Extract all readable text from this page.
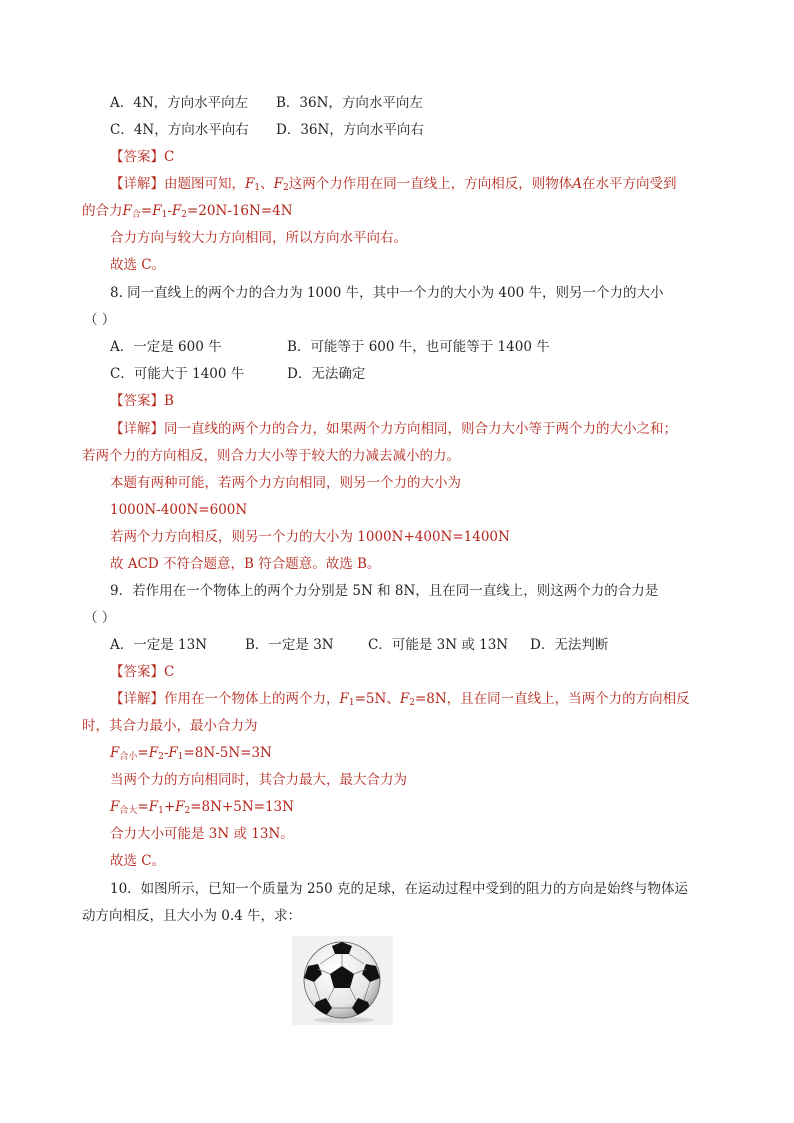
A．4N，方向水平向左 B．36N，方向水平向左
C．4N，方向水平向右 D．36N，方向水平向右
【答案】C
【详解】由题图可知，$F_1$、$F_2$这两个力作用在同一直线上，方向相反，则物体A在水平方向受到
的合力$F_合=F_1-F_2=20N-16N=4N$
合力方向与较大力方向相同，所以方向水平向右。
故选 C。
8. 同一直线上的两个力的合力为 1000 牛，其中一个力的大小为 400 牛，则另一个力的大小
（ ）
A．一定是 600 牛	B．可能等于 600 牛，也可能等于 1400 牛
C．可能大于 1400 牛	D．无法确定
【答案】B
【详解】同一直线的两个力的合力，如果两个力方向相同，则合力大小等于两个力的大小之和；
若两个力的方向相反，则合力大小等于较大的力减去减小的力。
本题有两种可能，若两个力方向相同，则另一个力的大小为
1000N-400N=600N
若两个力方向相反，则另一个力的大小为 1000N+400N=1400N
故 ACD 不符合题意，B 符合题意。故选 B。
9．若作用在一个物体上的两个力分别是 5N 和 8N，且在同一直线上，则这两个力的合力是
（ ）
A．一定是 13N	B．一定是 3N	C．可能是 3N 或 13N D．无法判断
【答案】C
【详解】作用在一个物体上的两个力，$F_1=5N$、$F_2=8N$，且在同一直线上，当两个力的方向相反
时，其合力最小，最小合力为
$F_{合小}=F_2-F_1=8N-5N=3N$
当两个力的方向相同时，其合力最大，最大合力为
$F_{合大}=F_1+F_2=8N+5N=13N$
合力大小可能是 3N 或 13N。
故选 C。
10．如图所示，已知一个质量为 250 克的足球，在运动过程中受到的阻力的方向是始终与物体运
动方向相反，且大小为 0.4 牛，求：
